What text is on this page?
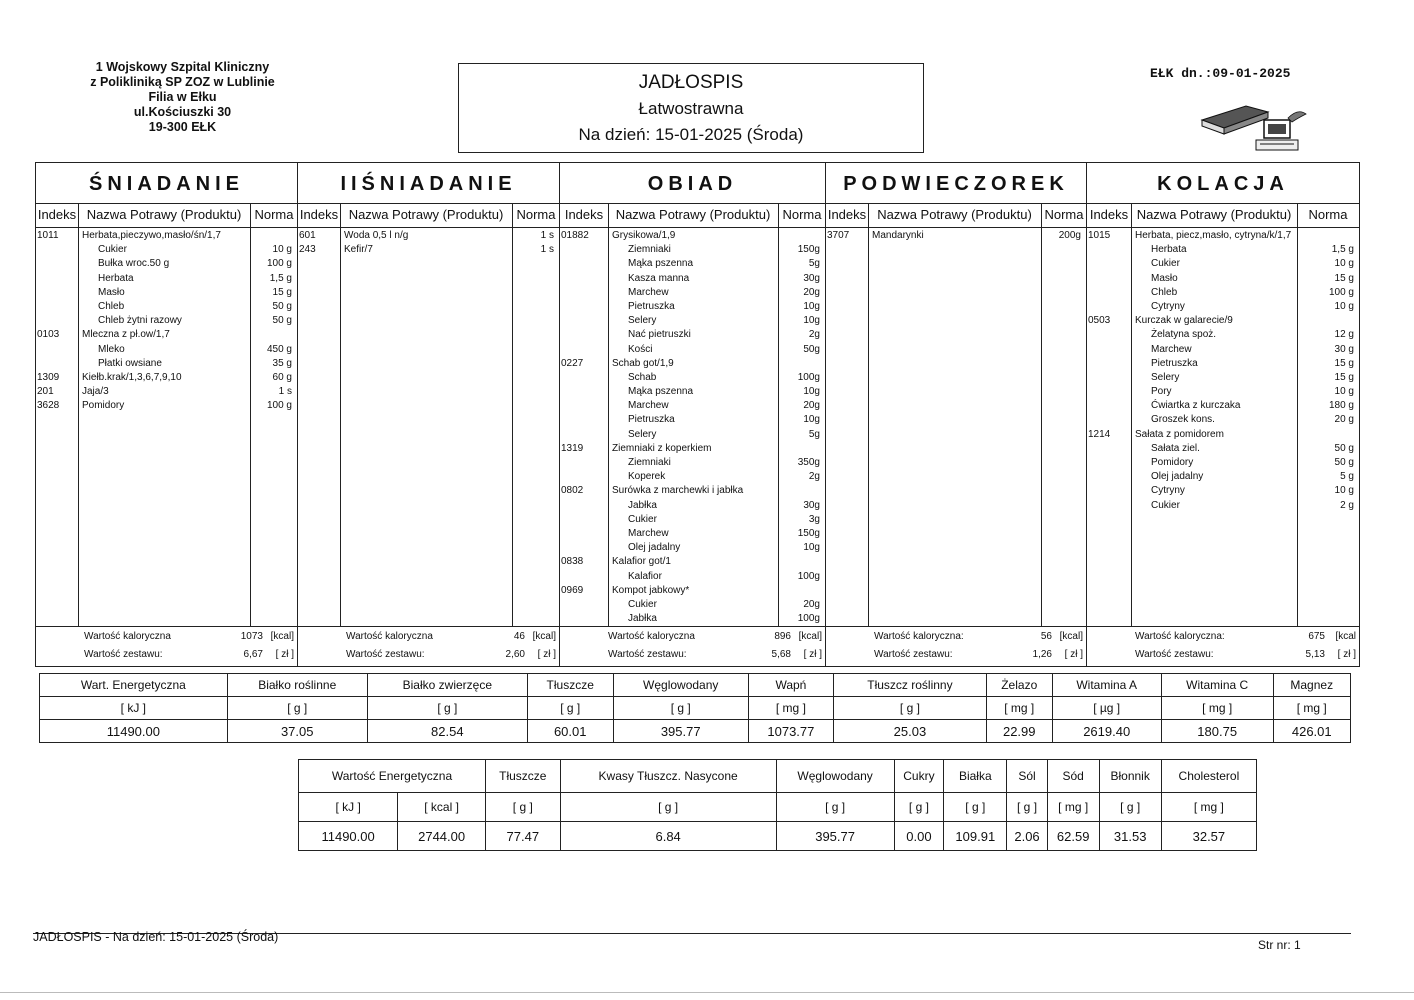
1 Wojskowy Szpital Kliniczny
z Polikliniką SP ZOZ w Lublinie
Filia w Ełku
ul.Kościuszki 30
19-300 EŁK
JADŁOSPIS
Łatwostrawna
Na dzień: 15-01-2025 (Środa)
EŁK dn.:09-01-2025
ŚNIADANIE
Indeks Nazwa Potrawy (Produktu)	Norma
1011 Herbata,pieczywo,masło/śn/1,7
Cukier	10 g
Bułka wroc.50 g	100 g
Herbata	1,5 g
Masło	15 g
Chleb	50 g
Chleb żytni razowy	50 g
0103 Mleczna z pł.ow/1,7
Mleko	450 g
Płatki owsiane	35 g
1309 Kiełb.krak/1,3,6,7,9,10	60 g
201	Jaja/3	1 s
3628 Pomidory	100 g
Wartość kaloryczna	1073 [kcal]
Wartość zestawu:	6,67 [ zł ]
IIŚNIADANIE
Indeks Nazwa Potrawy (Produktu)	Norma
601	Woda 0,5 l n/g	1 s
243	Kefir/7	1 s
Wartość kaloryczna	46 [kcal]
Wartość zestawu:	2,60 [ zł ]
OBIAD
Indeks Nazwa Potrawy (Produktu) Norma
01882 Grysikowa/1,9
Ziemniaki	150g
Mąka pszenna	5g
Kasza manna	30g
Marchew	20g
Pietruszka	10g
Selery	10g
Nać pietruszki	2g
Kości	50g
0227	Schab got/1,9
Schab	100g
Mąka pszenna	10g
Marchew	20g
Pietruszka	10g
Selery	5g
1319	Ziemniaki z koperkiem
Ziemniaki	350g
Koperek	2g
0802	Surówka z marchewki i jabłka
Jabłka	30g
Cukier	3g
Marchew	150g
Olej jadalny	10g
0838	Kalafior got/1
Kalafior	100g
0969	Kompot jabkowy*
Cukier	20g
Jabłka	100g
Wartość kaloryczna	896 [kcal]
Wartość zestawu:	5,68 [ zł ]
PODWIECZOREK
Indeks Nazwa Potrawy (Produktu) Norma
3707 Mandarynki	200g
Wartość kaloryczna:	56 [kcal]
Wartość zestawu:	1,26 [ zł ]
KOLACJA
Indeks Nazwa Potrawy (Produktu)	Norma
1015 Herbata, piecz,masło, cytryna/k/1,7
Herbata	1,5 g
Cukier	10 g
Masło	15 g
Chleb	100 g
Cytryny	10 g
0503 Kurczak w galarecie/9
Żelatyna spoż.	12 g
Marchew	30 g
Pietruszka	15 g
Selery	15 g
Pory	10 g
Ćwiartka z kurczaka	180 g
Groszek kons.	20 g
1214 Sałata z pomidorem
Sałata ziel.	50 g
Pomidory	50 g
Olej jadalny	5 g
Cytryny	10 g
Cukier	2 g
Wartość kaloryczna:	675 [kcal
Wartość zestawu:	5,13 [ zł ]
Wart. Energetyczna	Białko roślinne	Białko zwierzęce	Tłuszcze	Węglowodany	Wapń	Tłuszcz roślinny	Żelazo	Witamina A	Witamina C	Magnez
[ kJ ]	[ g ]	[ g ]	[ g ]	[ g ]	[ mg ]	[ g ]	[ mg ]	[ µg ]	[ mg ]	[ mg ]
11490.00	37.05	82.54	60.01	395.77	1073.77	25.03	22.99	2619.40	180.75	426.01
Wartość Energetyczna		Tłuszcze	Kwasy Tłuszcz. Nasycone	Węglowodany	Cukry	Białka	Sól	Sód	Błonnik	Cholesterol
[ kJ ]	[ kcal ]	[ g ]	[ g ]	[ g ]	[ g ]	[ g ]	[ g ]	[ mg ]	[ g ]	[ mg ]
11490.00	2744.00	77.47	6.84	395.77	0.00	109.91	2.06	62.59	31.53	32.57
JADŁOSPIS - Na dzień: 15-01-2025 (Środa)
Str nr: 1
